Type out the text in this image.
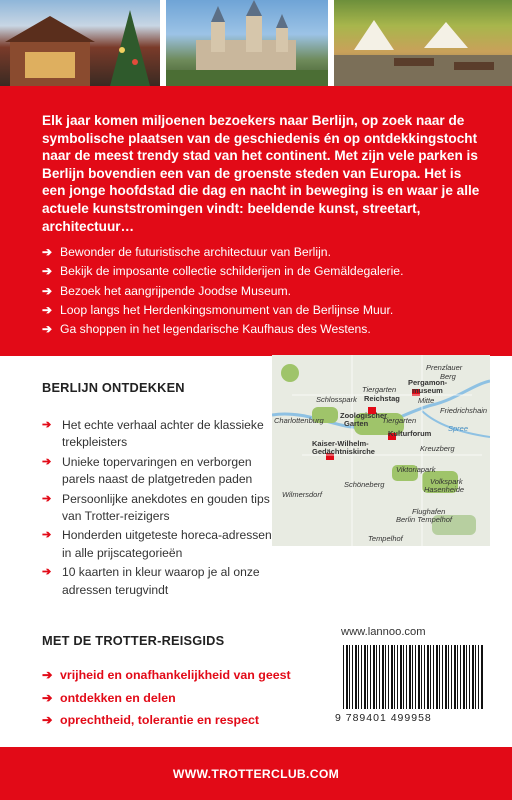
Elk jaar komen miljoenen bezoekers naar Berlijn, op zoek naar de symbolische plaatsen van de geschiedenis én op ontdekkingstocht naar de meest trendy stad van het continent. Met zijn vele parken is Berlijn bovendien een van de groenste steden van Europa. Het is een jonge hoofdstad die dag en nacht in beweging is en waar je alle actuele kunststromingen vindt: beeldende kunst, streetart, architectuur…

➔ Bewonder de futuristische architectuur van Berlijn.
➔ Bekijk de imposante collectie schilderijen in de Gemäldegalerie.
➔ Bezoek het aangrijpende Joodse Museum.
➔ Loop langs het Herdenkingsmonument van de Berlijnse Muur.
➔ Ga shoppen in het legendarische Kaufhaus des Westens.
BERLIJN ONTDEKKEN
➔ Het echte verhaal achter de klassieke trekpleisters
➔ Unieke topervaringen en verborgen parels naast de platgetreden paden
➔ Persoonlijke anekdotes en gouden tips van Trotter-reizigers
➔ Honderden uitgeteste horeca-adressen in alle prijscategorieën
➔ 10 kaarten in kleur waarop je al onze adressen terugvindt
Prenzlauer
Berg
Tiergarten
Reichstag
Pergamon-
museum
Mitte
Schlosspark
Friedrichshain
Charlottenburg
Zoologischer
Garten Tiergarten
Kulturforum
Kaiser-Wilhelm-
Gedächtniskirche	Kreuzberg
Viktoriapark
Volkspark
Hasenheide
Schöneberg
Wilmersdorf
Flughafen
Berlin Tempelhof
Tempelhof
Spree
MET DE TROTTER-REISGIDS
➔ vrijheid en onafhankelijkheid van geest
➔ ontdekken en delen
➔ oprechtheid, tolerantie en respect
www.lannoo.com
9 789401 499958
WWW.TROTTERCLUB.COM
